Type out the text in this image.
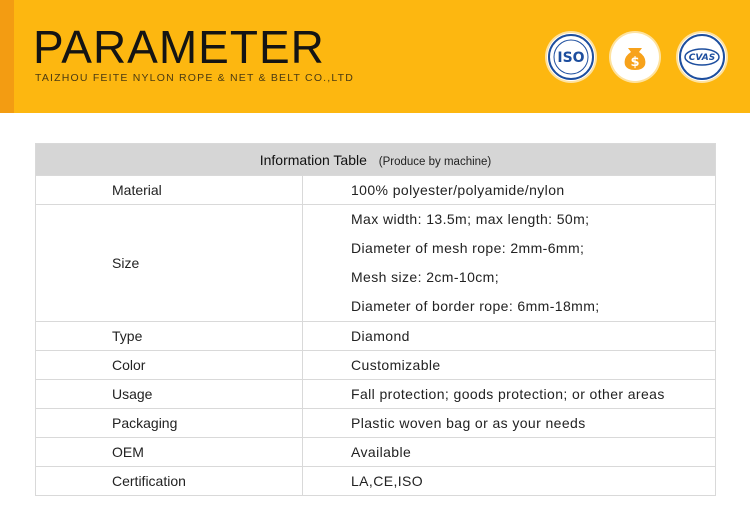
PARAMETER
TAIZHOU FEITE NYLON ROPE & NET & BELT CO.,LTD
ISO	$	CVAS
Information Table (Produce by machine)	
Material	100% polyester/polyamide/nylon
Size	Max width: 13.5m; max length: 50m;
Diameter of mesh rope: 2mm-6mm;
Mesh size: 2cm-10cm;
Diameter of border rope: 6mm-18mm;

Type	Diamond
Color	Customizable
Usage	Fall protection; goods protection; or other areas
Packaging	Plastic woven bag or as your needs
OEM	Available
Certification	LA,CE,ISO
